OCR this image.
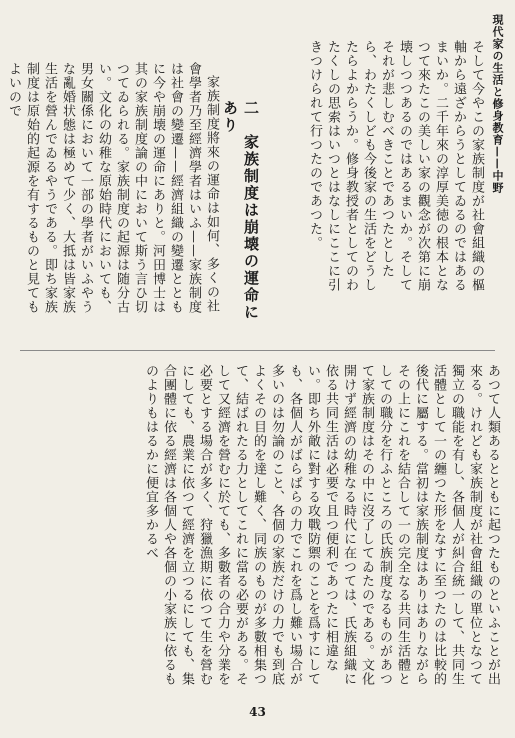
現代家の生活と修身教育——中野

そして今やこの家族制度が社會組織の樞軸から遠ざからうとしてゐるのではあるまいか。二千年來の淳厚美徳の根本となつて來たこの美しい家の觀念が次第に崩壊しつつあるのではあるまいか。そしてそれが悲しむべきことであつたとしたら、わたくしども今後家の生活をどうしたらよからうか。修身教授者としてのわたくしの思索はいつとはなしにここに引きつけられて行つたのであつた。

二　家族制度は崩壊の運命にあり

家族制度將來の運命は如何、多くの社會學者乃至經濟學者はいふ——家族制度は社會の變遷——經濟組織の變遷とともに今や崩壊の運命にありと。河田博士は其の家族制度論の中において斯う言ひ切つてゐられる。家族制度の起源は随分古い。文化の幼稚な原始時代においても、男女關係において一部の學者がいふやうな亂婚状態は極めて少く、大抵は皆家族生活を營んでゐるやうである。即ち家族制度は原始的起源を有するものと見てもよいので

あつて人類あるとともに起つたものといふことが出來る。けれども家族制度が社會組織の單位となつて獨立の職能を有し、各個人が糾合統一して、共同生活體として一の纏つた形をなすに至つたのは比較的後代に屬する。當初は家族制度はありはありながらその上にこれを結合して一の完全なる共同生活體としての職分を行ふところの氏族制度なるものがあつて家族制度はその中に沒了してゐたのである。文化開けず經濟の幼稚なる時代に在つては、氏族組織に依る共同生活は必要で且つ便利であつたに相違ない。即ち外敵に對する攻戰防禦のことを爲すにしても、各個人がばらばらの力でこれを爲し難い場合が多いのは勿論のこと、各個の家族だけの力でも到底よくその目的を達し難く、同族のものが多數相集つて、結ばれたる力としてこれに當る必要がある。そして又經濟を營むに於ても、多數者の合力や分業を必要とする場合が多く、狩獵漁期に依つて生を營むにしても、農業に依つて經濟を立つるにしても、集合團體に依る經濟は各個人や各個の小家族に依るものよりもはるかに便宜多かるべ

43
